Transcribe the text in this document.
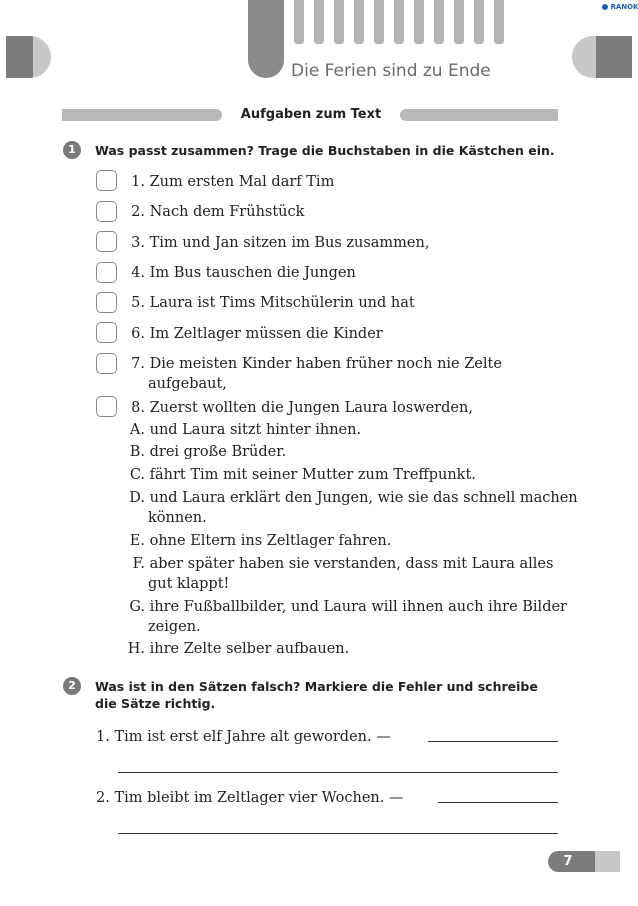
RANOK
Die Ferien sind zu Ende
Aufgaben zum Text
1	Was passt zusammen? Trage die Buchstaben in die Kästchen ein.
1. Zum ersten Mal darf Tim
2. Nach dem Frühstück
3. Tim und Jan sitzen im Bus zusammen,
4. Im Bus tauschen die Jungen
5. Laura ist Tims Mitschülerin und hat
6. Im Zeltlager müssen die Kinder
7. Die meisten Kinder haben früher noch nie Zelte aufgebaut,
8. Zuerst wollten die Jungen Laura loswerden,
A. und Laura sitzt hinter ihnen.
B. drei große Brüder.
C. fährt Tim mit seiner Mutter zum Treffpunkt.
D. und Laura erklärt den Jungen, wie sie das schnell machen können.
E. ohne Eltern ins Zeltlager fahren.
F. aber später haben sie verstanden, dass mit Laura alles gut klappt!
G. ihre Fußballbilder, und Laura will ihnen auch ihre Bilder zeigen.
H. ihre Zelte selber aufbauen.
2	Was ist in den Sätzen falsch? Markiere die Fehler und schreibe die Sätze richtig.
1. Tim ist erst elf Jahre alt geworden. —
2. Tim bleibt im Zeltlager vier Wochen. —
7
